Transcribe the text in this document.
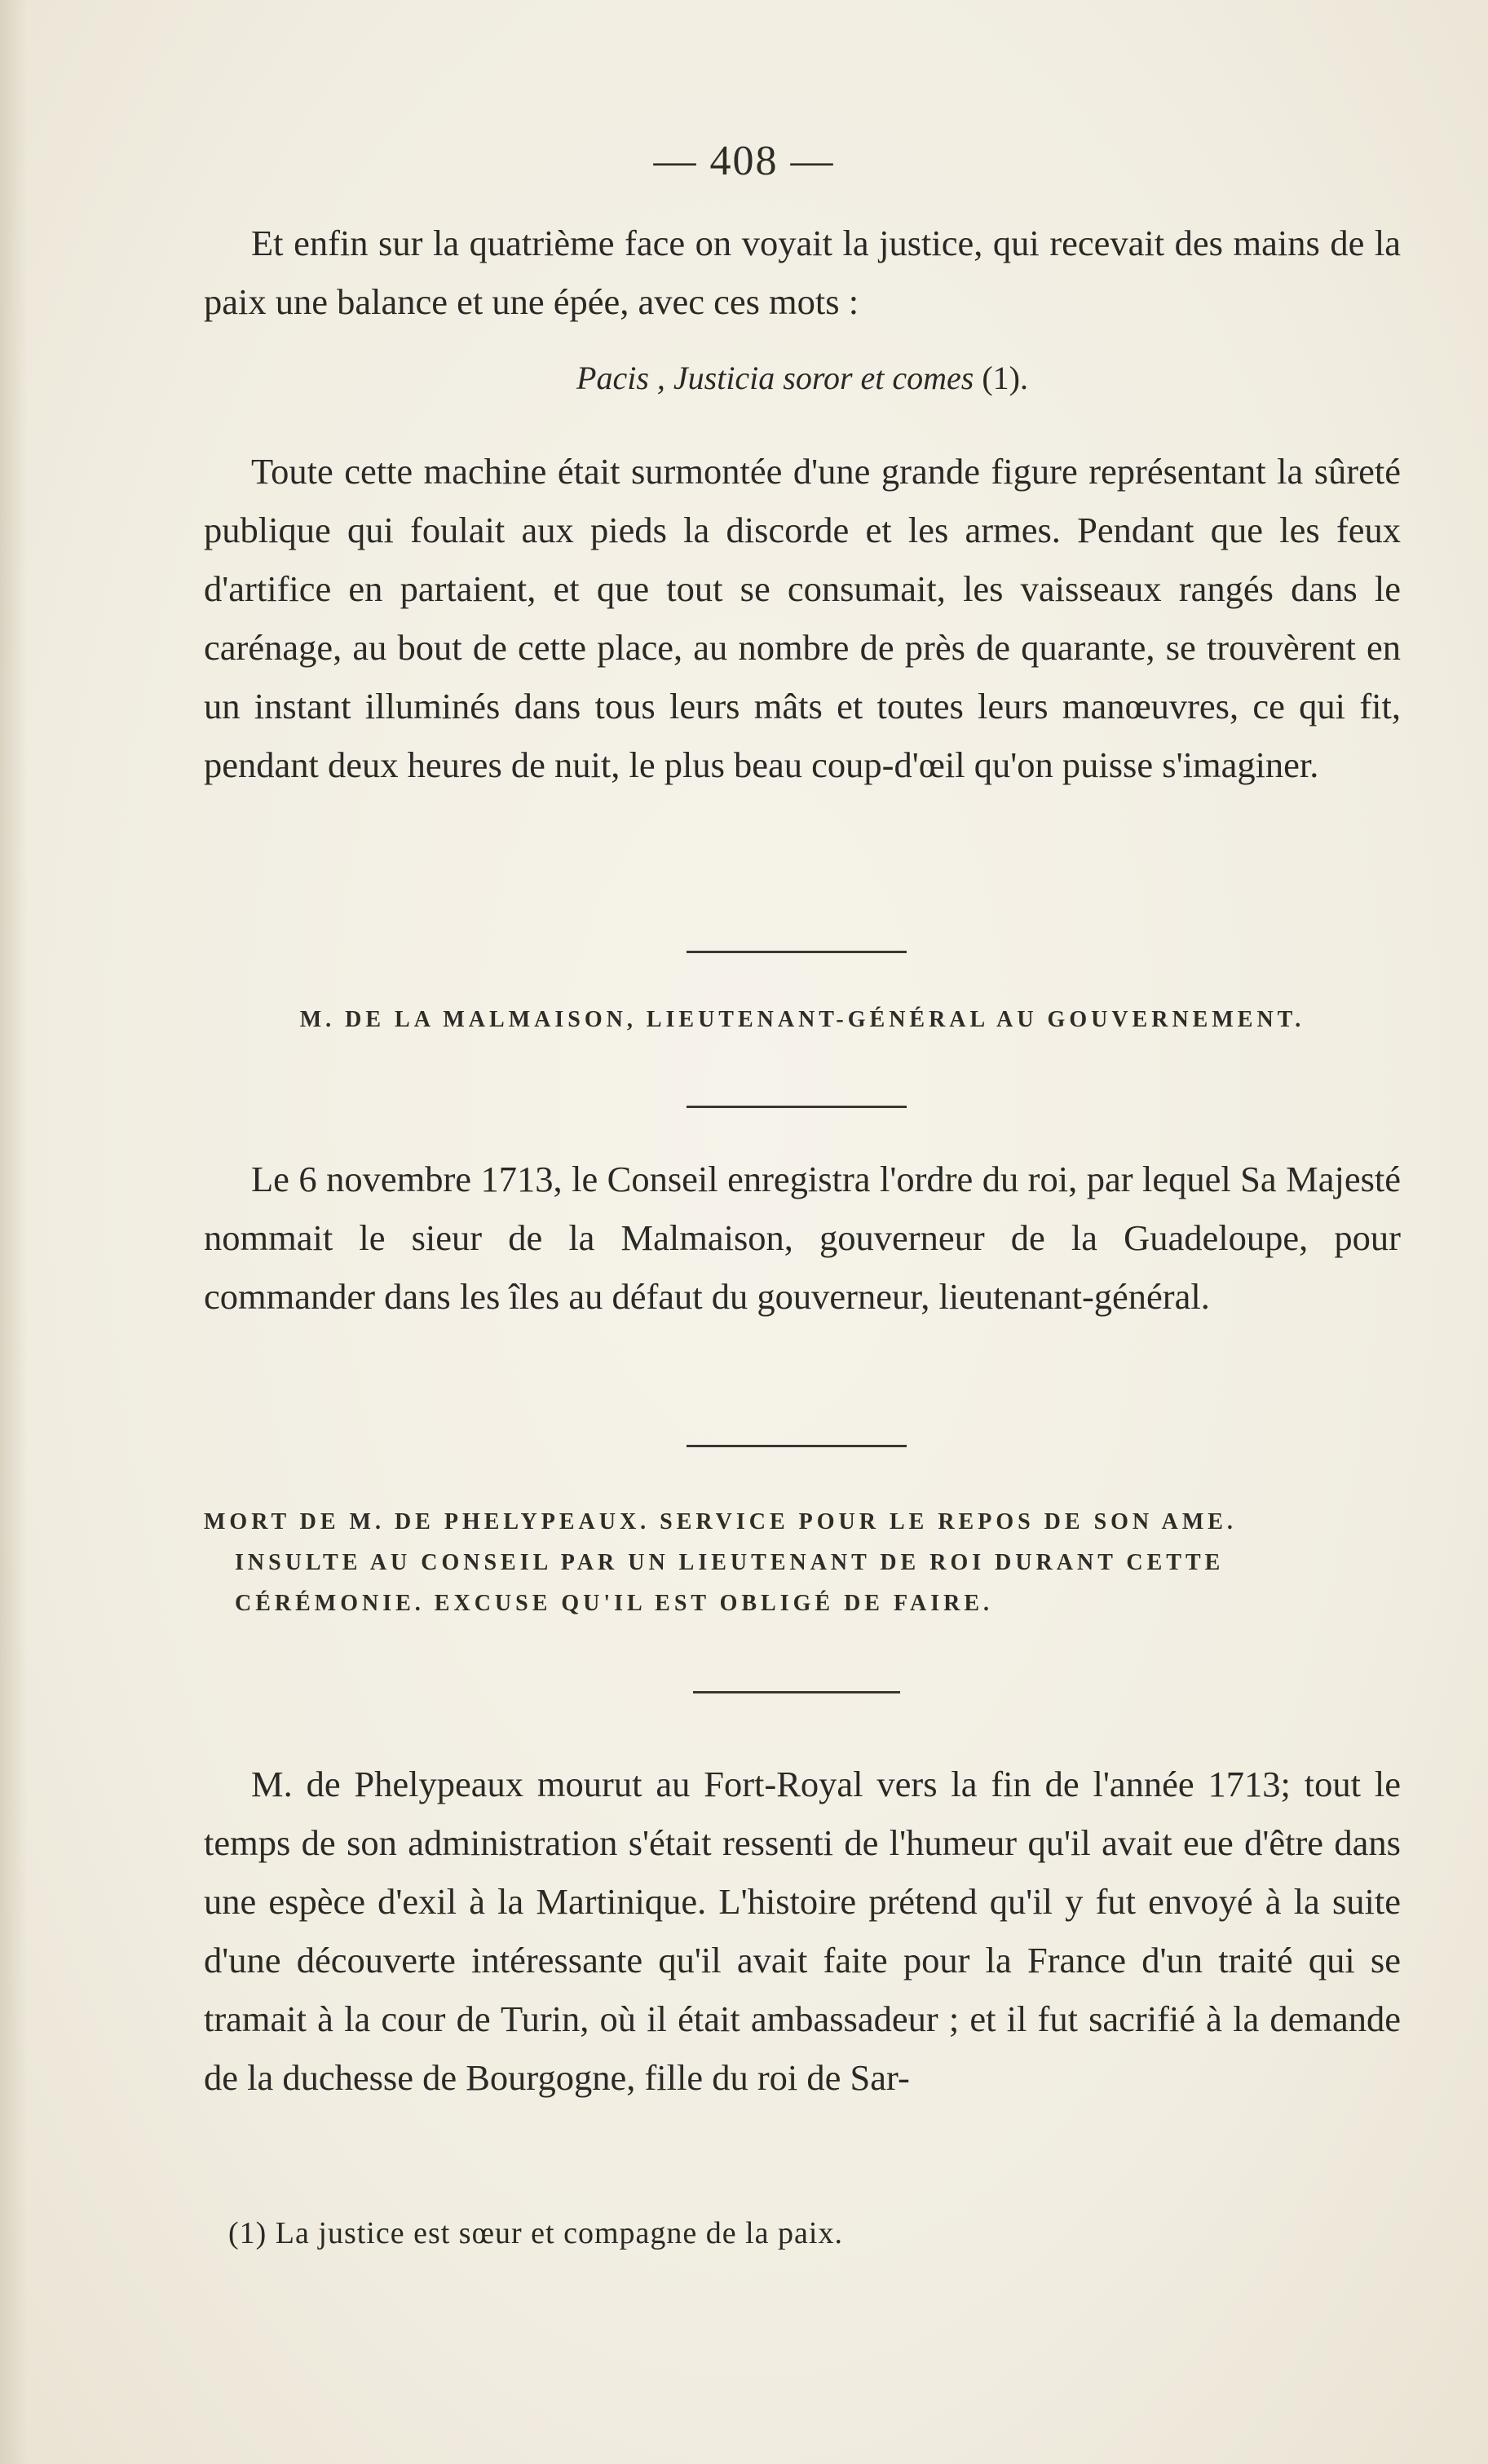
— 408 —

Et enfin sur la quatrième face on voyait la justice, qui recevait des mains de la paix une balance et une épée, avec ces mots :

Pacis , Justicia soror et comes (1).

Toute cette machine était surmontée d'une grande figure représentant la sûreté publique qui foulait aux pieds la discorde et les armes. Pendant que les feux d'artifice en partaient, et que tout se consumait, les vaisseaux rangés dans le carénage, au bout de cette place, au nombre de près de quarante, se trouvèrent en un instant illuminés dans tous leurs mâts et toutes leurs manœuvres, ce qui fit, pendant deux heures de nuit, le plus beau coup-d'œil qu'on puisse s'imaginer.

M. DE LA MALMAISON, LIEUTENANT-GÉNÉRAL AU GOUVERNEMENT.

Le 6 novembre 1713, le Conseil enregistra l'ordre du roi, par lequel Sa Majesté nommait le sieur de la Malmaison, gouverneur de la Guadeloupe, pour commander dans les îles au défaut du gouverneur, lieutenant-général.

MORT DE M. DE PHELYPEAUX. SERVICE POUR LE REPOS DE SON AME.
INSULTE AU CONSEIL PAR UN LIEUTENANT DE ROI DURANT CETTE
CÉRÉMONIE. EXCUSE QU'IL EST OBLIGÉ DE FAIRE.

M. de Phelypeaux mourut au Fort-Royal vers la fin de l'année 1713; tout le temps de son administration s'était ressenti de l'humeur qu'il avait eue d'être dans une espèce d'exil à la Martinique. L'histoire prétend qu'il y fut envoyé à la suite d'une découverte intéressante qu'il avait faite pour la France d'un traité qui se tramait à la cour de Turin, où il était ambassadeur ; et il fut sacrifié à la demande de la duchesse de Bourgogne, fille du roi de Sar-

(1) La justice est sœur et compagne de la paix.
